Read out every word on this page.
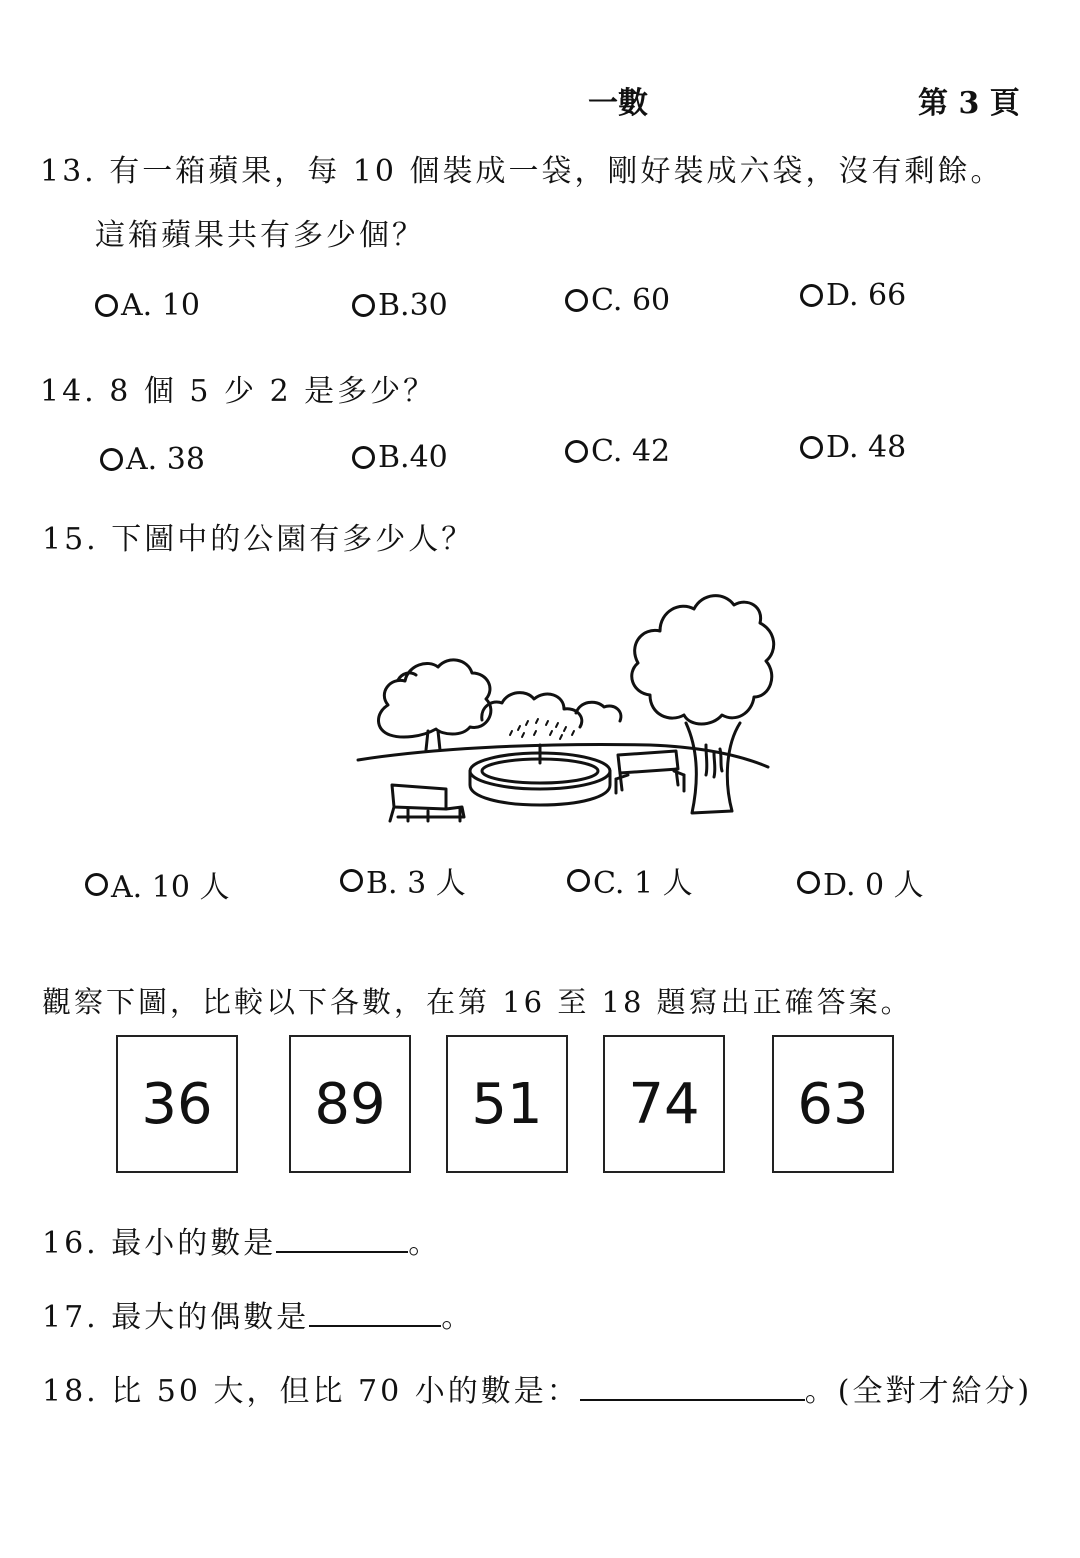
一數	第 3 頁
13. 有一箱蘋果，每 10 個裝成一袋，剛好裝成六袋，沒有剩餘。
這箱蘋果共有多少個？
A. 10	B.30	C. 60	D. 66
14. 8 個 5 少 2 是多少？
A. 38	B.40	C. 42	D. 48
15. 下圖中的公園有多少人？
A. 10 人	B. 3 人	C. 1 人	D. 0 人
觀察下圖，比較以下各數，在第 16 至 18 題寫出正確答案。
36	89	51	74	63
16. 最小的數是	。
17. 最大的偶數是	。
18. 比 50 大，但比 70 小的數是：	。(全對才給分)
